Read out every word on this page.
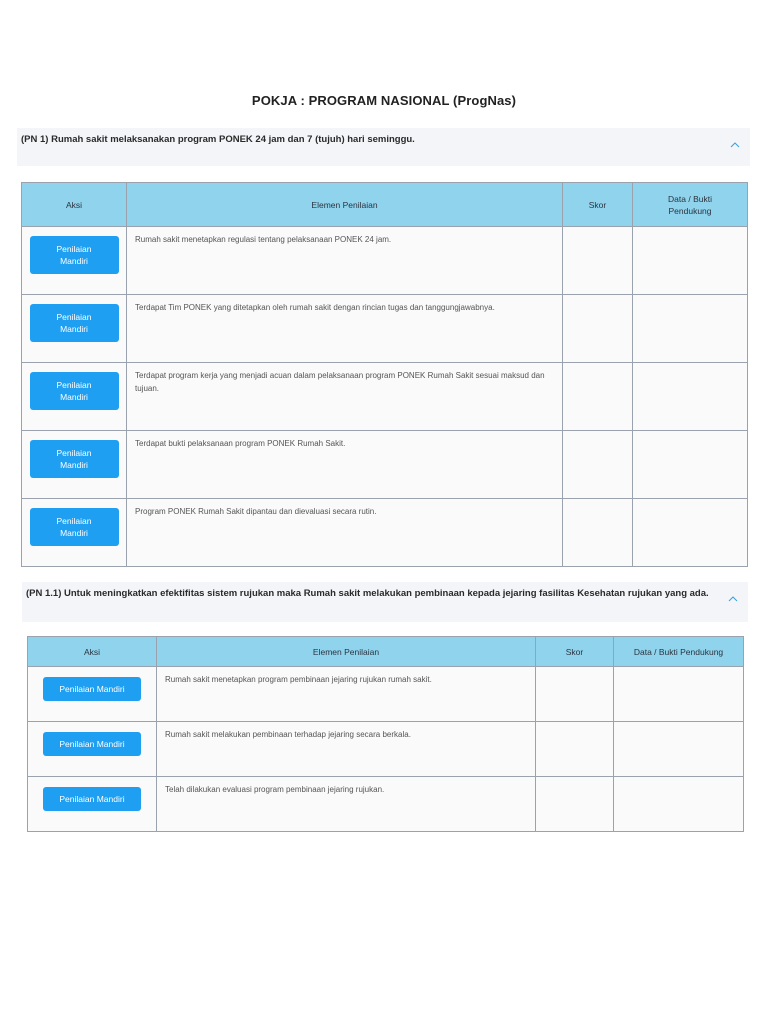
POKJA : PROGRAM NASIONAL (ProgNas)
(PN 1) Rumah sakit melaksanakan program PONEK 24 jam dan 7 (tujuh) hari seminggu.
Aksi	Elemen Penilaian	Skor	Data / Bukti Pendukung
Penilaian Mandiri	Rumah sakit menetapkan regulasi tentang pelaksanaan PONEK 24 jam.		
Penilaian Mandiri	Terdapat Tim PONEK yang ditetapkan oleh rumah sakit dengan rincian tugas dan tanggungjawabnya.		
Penilaian Mandiri	Terdapat program kerja yang menjadi acuan dalam pelaksanaan program PONEK Rumah Sakit sesuai maksud dan tujuan.		
Penilaian Mandiri	Terdapat bukti pelaksanaan program PONEK Rumah Sakit.		
Penilaian Mandiri	Program PONEK Rumah Sakit dipantau dan dievaluasi secara rutin.		
(PN 1.1) Untuk meningkatkan efektifitas sistem rujukan maka Rumah sakit melakukan pembinaan kepada jejaring fasilitas Kesehatan rujukan yang ada.
Aksi	Elemen Penilaian	Skor	Data / Bukti Pendukung
Penilaian Mandiri	Rumah sakit menetapkan program pembinaan jejaring rujukan rumah sakit.		
Penilaian Mandiri	Rumah sakit melakukan pembinaan terhadap jejaring secara berkala.		
Penilaian Mandiri	Telah dilakukan evaluasi program pembinaan jejaring rujukan.		
